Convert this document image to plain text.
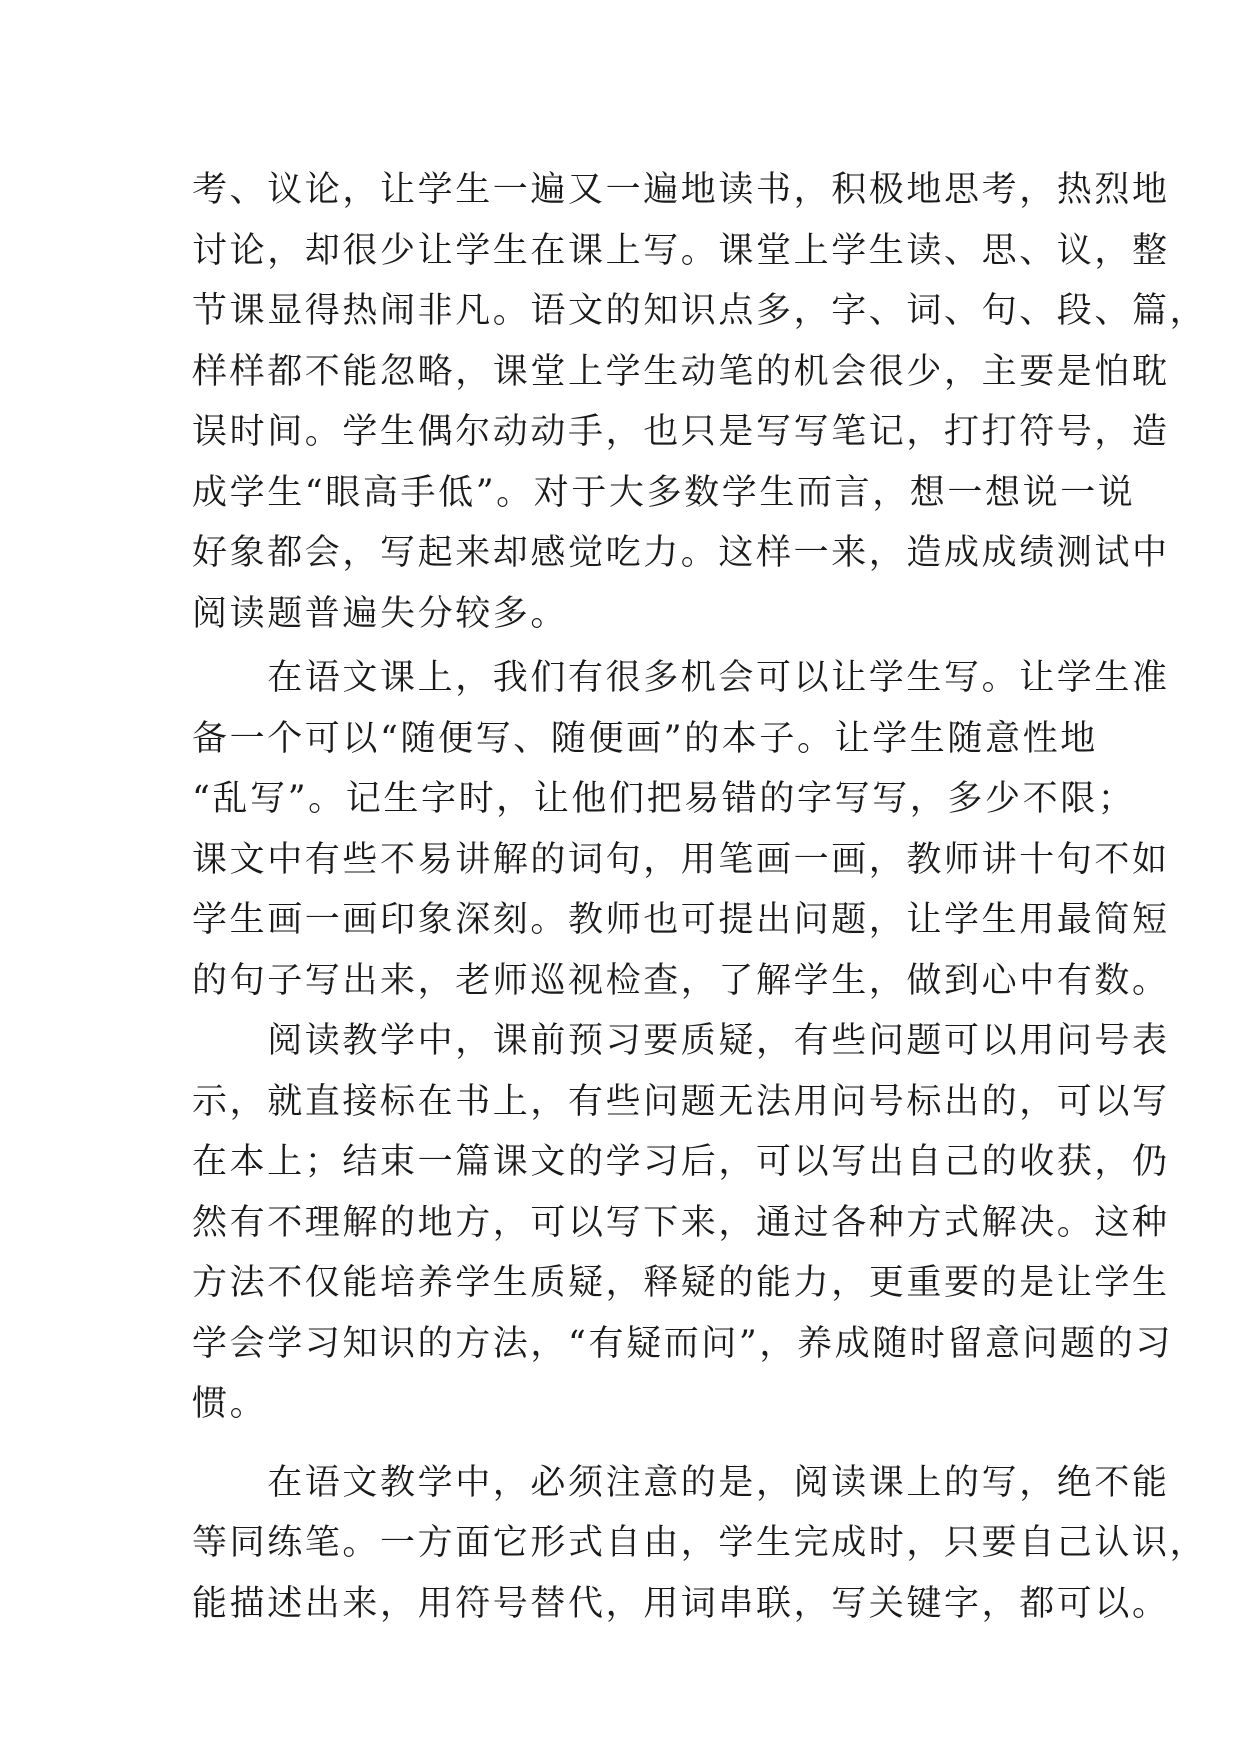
考、议论，让学生一遍又一遍地读书，积极地思考，热烈地
讨论，却很少让学生在课上写。课堂上学生读、思、议，整
节课显得热闹非凡。语文的知识点多，字、词、句、段、篇，
样样都不能忽略，课堂上学生动笔的机会很少，主要是怕耽
误时间。学生偶尔动动手，也只是写写笔记，打打符号，造
成学生“眼高手低”。对于大多数学生而言，想一想说一说
好象都会，写起来却感觉吃力。这样一来，造成成绩测试中
阅读题普遍失分较多。
　　在语文课上，我们有很多机会可以让学生写。让学生准
备一个可以“随便写、随便画”的本子。让学生随意性地
“乱写”。记生字时，让他们把易错的字写写，多少不限；
课文中有些不易讲解的词句，用笔画一画，教师讲十句不如
学生画一画印象深刻。教师也可提出问题，让学生用最简短
的句子写出来，老师巡视检查，了解学生，做到心中有数。
　　阅读教学中，课前预习要质疑，有些问题可以用问号表
示，就直接标在书上，有些问题无法用问号标出的，可以写
在本上；结束一篇课文的学习后，可以写出自己的收获，仍
然有不理解的地方，可以写下来，通过各种方式解决。这种
方法不仅能培养学生质疑，释疑的能力，更重要的是让学生
学会学习知识的方法，“有疑而问”，养成随时留意问题的习
惯。
　　在语文教学中，必须注意的是，阅读课上的写，绝不能
等同练笔。一方面它形式自由，学生完成时，只要自己认识，
能描述出来，用符号替代，用词串联，写关键字，都可以。
